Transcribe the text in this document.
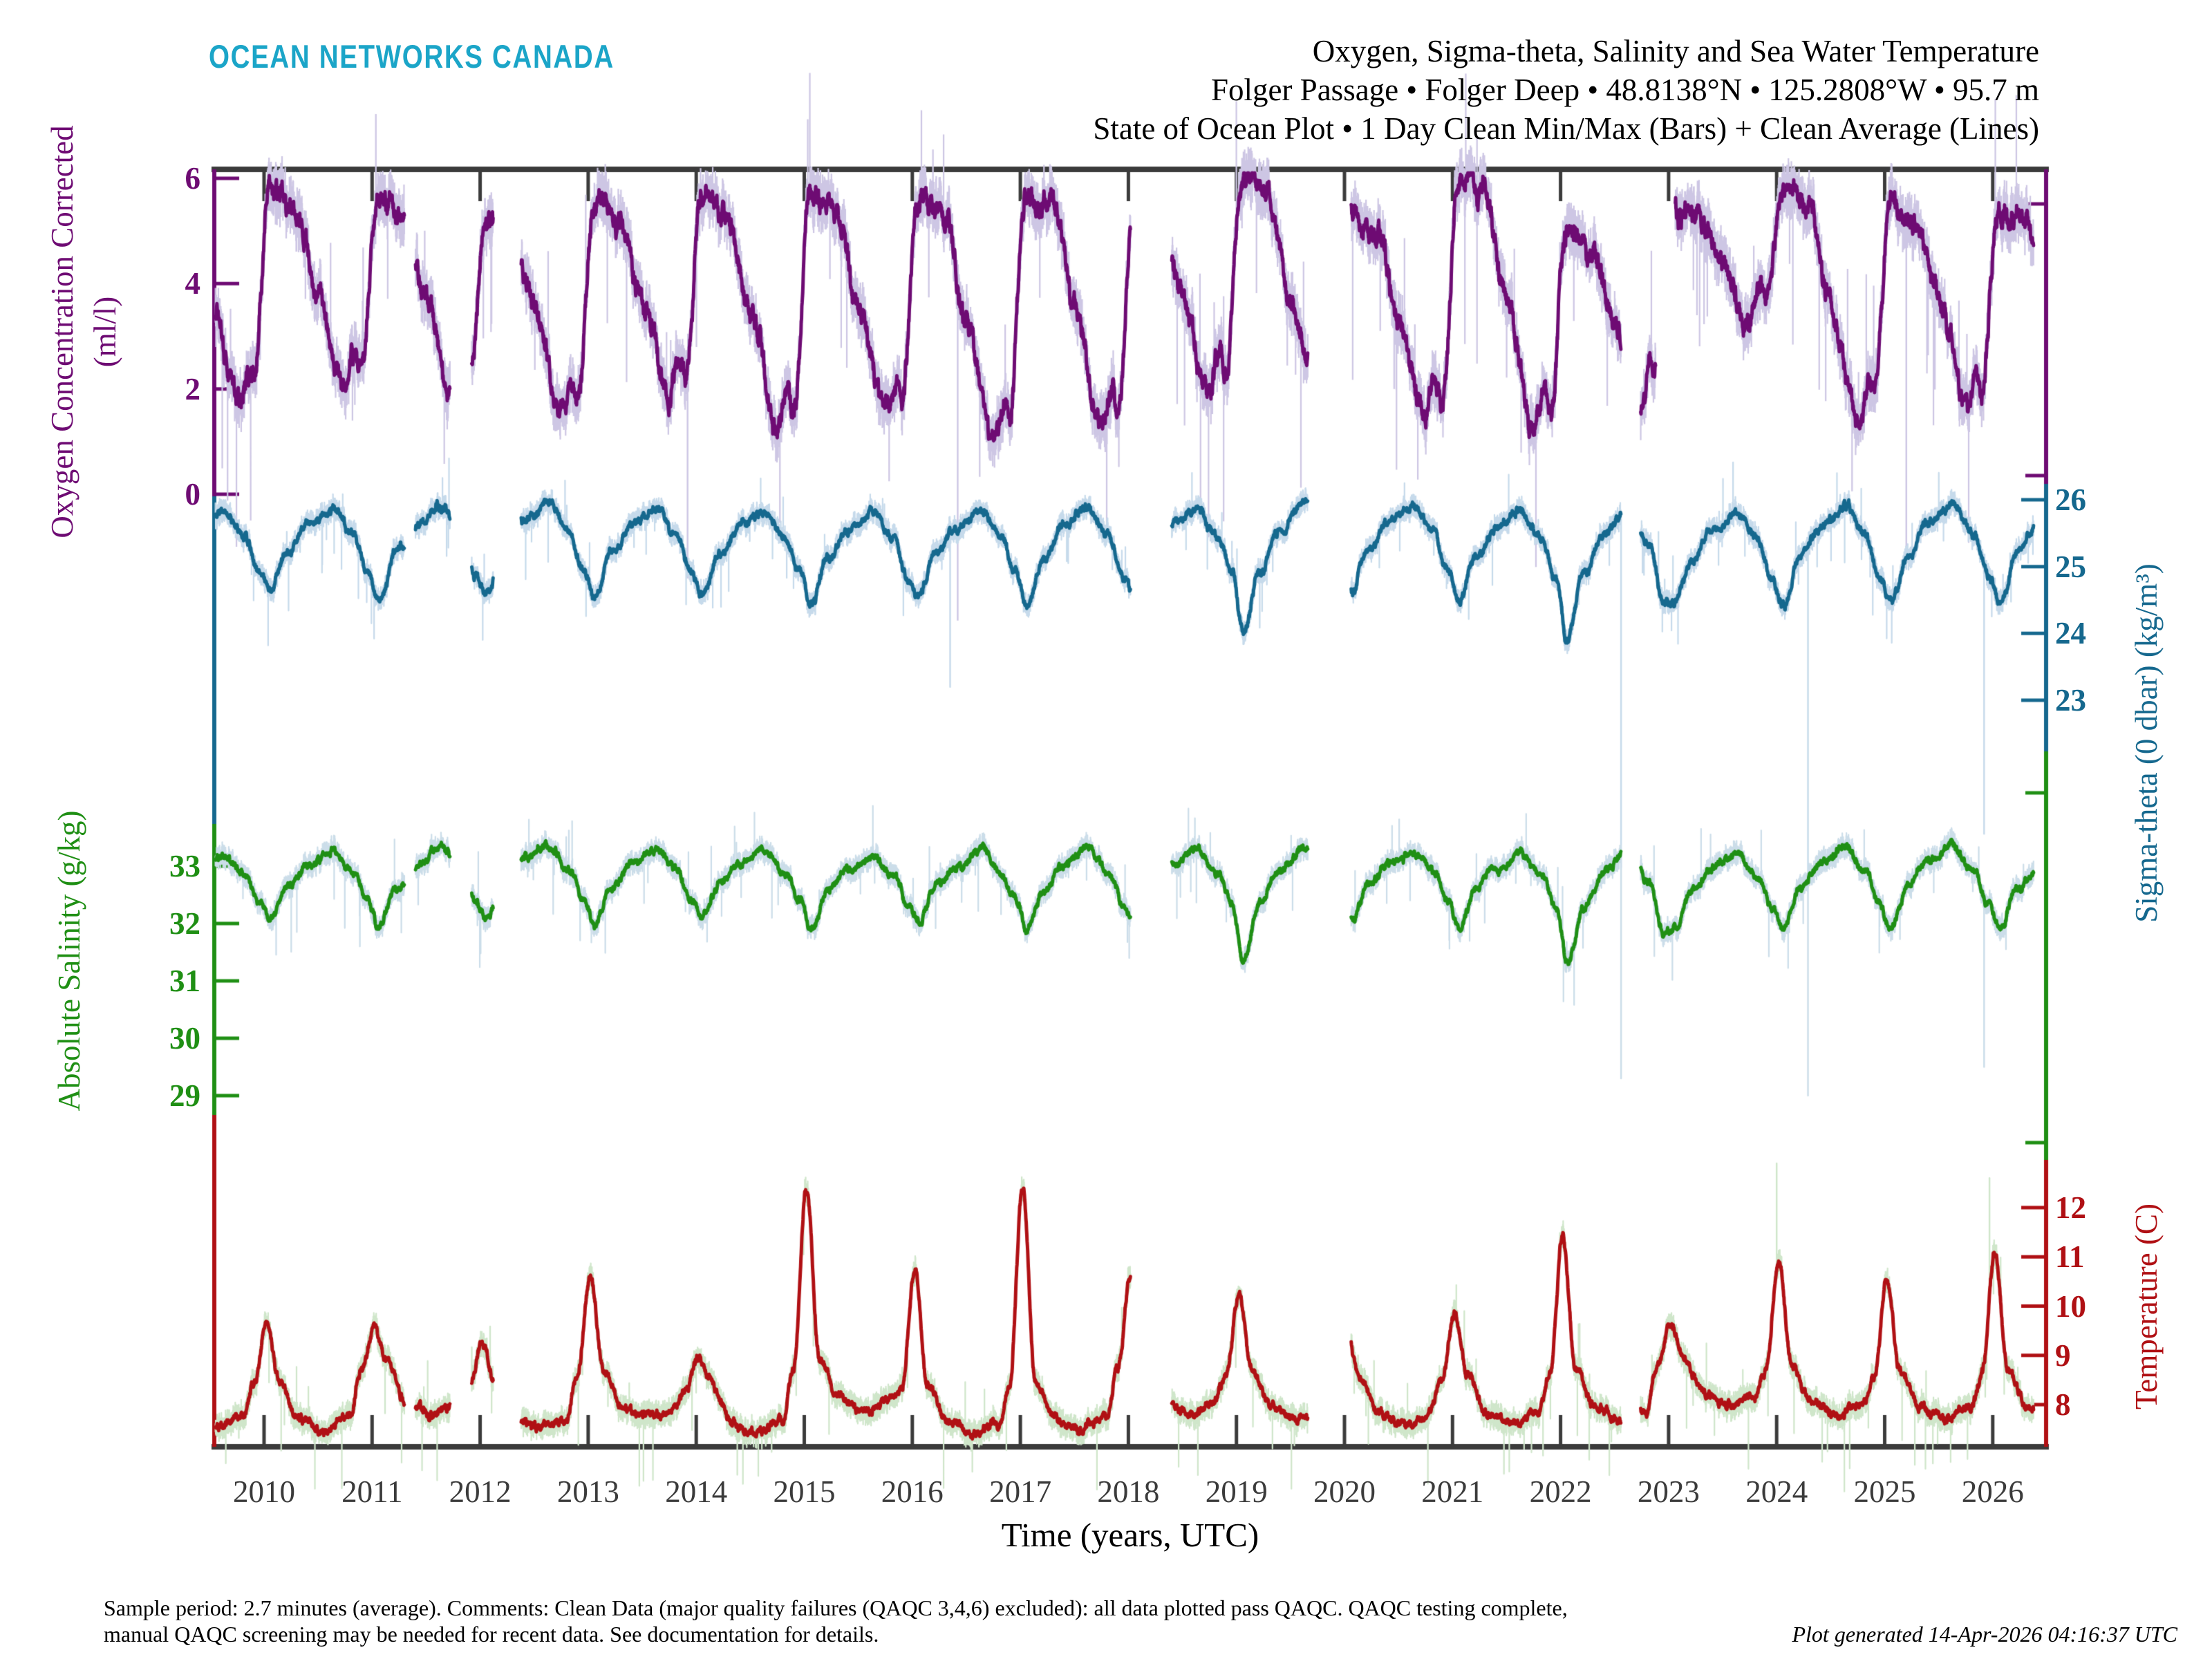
OCEAN NETWORKS CANADA	Oxygen, Sigma-theta, Salinity and Sea Water Temperature
Folger Passage • Folger Deep • 48.8138°N • 125.2808°W • 95.7 m
State of Ocean Plot • 1 Day Clean Min/Max (Bars) + Clean Average (Lines)
Oxygen Concentration Corrected (ml/l)
Sigma-theta (0 dbar) (kg/m³)
Absolute Salinity (g/kg)
Temperature (C)
Time (years, UTC)
6
4
2
0	26
25
24
23
33
32
31
30
29
12
11
10
9
8
2010 2011 2012 2013 2014 2015 2016 2017 2018 2019 2020 2021 2022 2023 2024 2025 2026
Sample period: 2.7 minutes (average). Comments: Clean Data (major quality failures (QAQC 3,4,6) excluded): all data plotted pass QAQC. QAQC testing complete,
manual QAQC screening may be needed for recent data. See documentation for details.	Plot generated 14-Apr-2026 04:16:37 UTC
